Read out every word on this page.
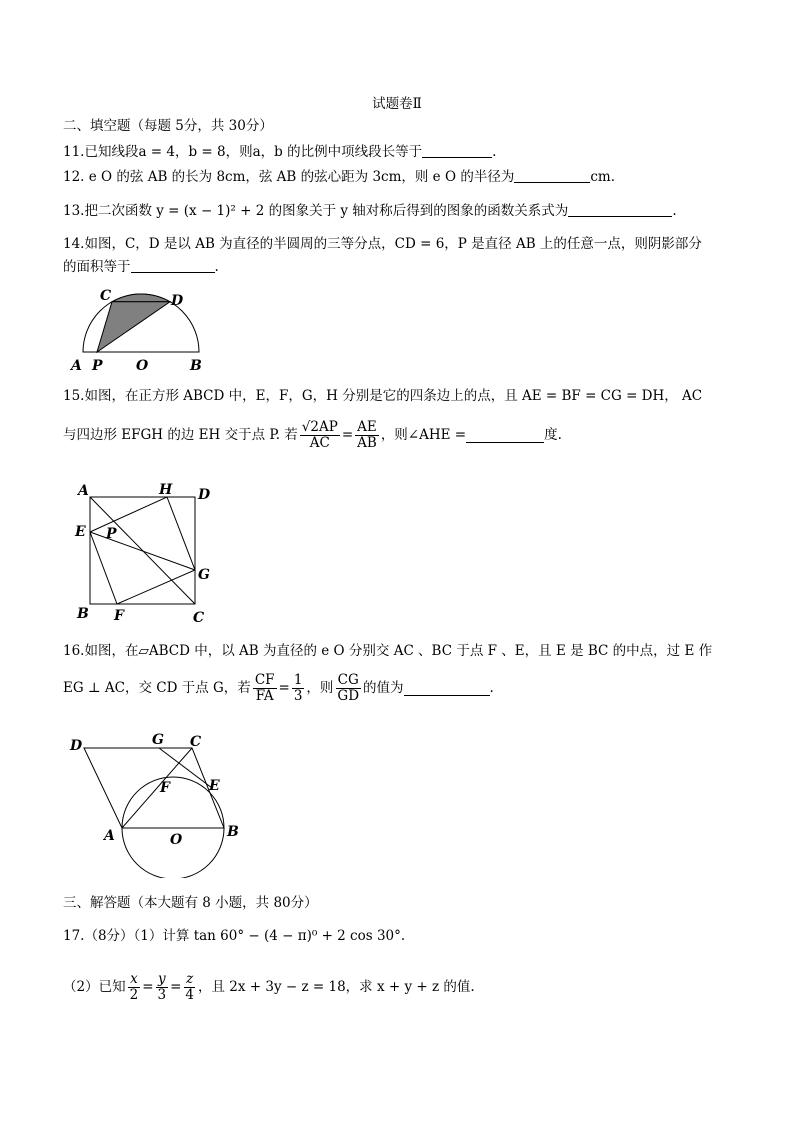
试题卷Ⅱ
二、填空题（每题 5分，共 30分）
11.已知线段a = 4，b = 8，则a，b 的比例中项线段长等于	.
12. e O 的弦 AB 的长为 8cm，弦 AB 的弦心距为 3cm，则 e O 的半径为	cm.
13.把二次函数 y = (x − 1)² + 2 的图象关于 y 轴对称后得到的图象的函数关系式为	.
14.如图，C，D 是以 AB 为直径的半圆周的三等分点，CD = 6，P 是直径 AB 上的任意一点，则阴影部分
的面积等于	.
C	D
A P O	B
15.如图，在正方形 ABCD 中，E，F，G，H 分别是它的四条边上的点，且 AE = BF = CG = DH， AC
与四边形 EFGH 的边 EH 交于点 P. 若 $\frac{√2AP}{AC} = \frac{AE}{AB}$ ，则∠AHE =	度.
A	H D
E P
G
B F	C
16.如图，在▱ABCD 中，以 AB 为直径的 e O 分别交 AC 、BC 于点 F 、E，且 E 是 BC 的中点，过 E 作
EG ⊥ AC，交 CD 于点 G，若 $\frac{CF}{FA} = \frac{1}{3}$ ，则 $\frac{CG}{GD}$ 的值为	.
D	G C
F	E
A	O	B
三、解答题（本大题有 8 小题，共 80分）
17.（8分）（1）计算 tan 60° − (4 − π)⁰ + 2 cos 30°.
（2）已知 $\frac{x}{2} = \frac{y}{3} = \frac{z}{4}$ ，且 2x + 3y − z = 18，求 x + y + z 的值.
